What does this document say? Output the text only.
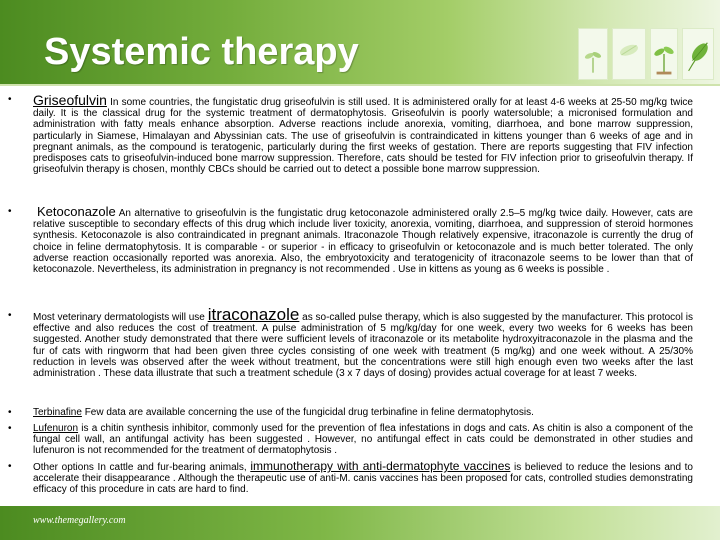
Systemic therapy
•
•
•
•
•
•
Griseofulvin In some countries, the fungistatic drug griseofulvin is still used. It is administered orally for at least 4-6 weeks at 25-50 mg/kg twice daily. It is the classical drug for the systemic treatment of dermatophytosis. Griseofulvin is poorly watersoluble; a micronised formulation and administration with fatty meals enhance absorption. Adverse reactions include anorexia, vomiting, diarrhoea, and bone marrow suppression, particularly in Siamese, Himalayan and Abyssinian cats. The use of griseofulvin is contraindicated in kittens younger than 6 weeks of age and in pregnant animals, as the compound is teratogenic, particularly during the first weeks of gestation. There are reports suggesting that FIV infection predisposes cats to griseofulvin-induced bone marrow suppression. Therefore, cats should be tested for FIV infection prior to griseofulvin therapy. If griseofulvin therapy is chosen, monthly CBCs should be carried out to detect a possible bone marrow suppression.
Ketoconazole An alternative to griseofulvin is the fungistatic drug ketoconazole administered orally 2.5–5 mg/kg twice daily. However, cats are relative susceptible to secondary effects of this drug which include liver toxicity, anorexia, vomiting, diarrhoea, and suppression of steroid hormones synthesis. Ketoconazole is also contraindicated in pregnant animals. Itraconazole Though relatively expensive, itraconazole is currently the drug of choice in feline dermatophytosis. It is comparable - or superior - in efficacy to griseofulvin or ketoconazole and is much better tolerated. The only adverse reaction occasionally reported was anorexia. Also, the embryotoxicity and teratogenicity of itraconazole seems to be lower than that of ketoconazole. Nevertheless, its administration in pregnancy is not recommended . Use in kittens as young as 6 weeks is possible .
Most veterinary dermatologists will use itraconazole as so-called pulse therapy, which is also suggested by the manufacturer. This protocol is effective and also reduces the cost of treatment. A pulse administration of 5 mg/kg/day for one week, every two weeks for 6 weeks has been suggested. Another study demonstrated that there were sufficient levels of itraconazole or its metabolite hydroxyitraconazole in the plasma and the fur of cats with ringworm that had been given three cycles consisting of one week with treatment (5 mg/kg) and one week without. A 25/30% reduction in levels was observed after the week without treatment, but the concentrations were still high enough even two weeks after the last administration . These data illustrate that such a treatment schedule (3 x 7 days of dosing) provides actual coverage for at least 7 weeks.
Terbinafine Few data are available concerning the use of the fungicidal drug terbinafine in feline dermatophytosis.
Lufenuron is a chitin synthesis inhibitor, commonly used for the prevention of flea infestations in dogs and cats. As chitin is also a component of the fungal cell wall, an antifungal activity has been suggested . However, no antifungal effect in cats could be demonstrated in other studies and lufenuron is not recommended for the treatment of dermatophytosis .
Other options In cattle and fur-bearing animals, immunotherapy with anti-dermatophyte vaccines is believed to reduce the lesions and to accelerate their disappearance . Although the therapeutic use of anti-M. canis vaccines has been proposed for cats, controlled studies demonstrating efficacy of this procedure in cats are hard to find.
www.themegallery.com
